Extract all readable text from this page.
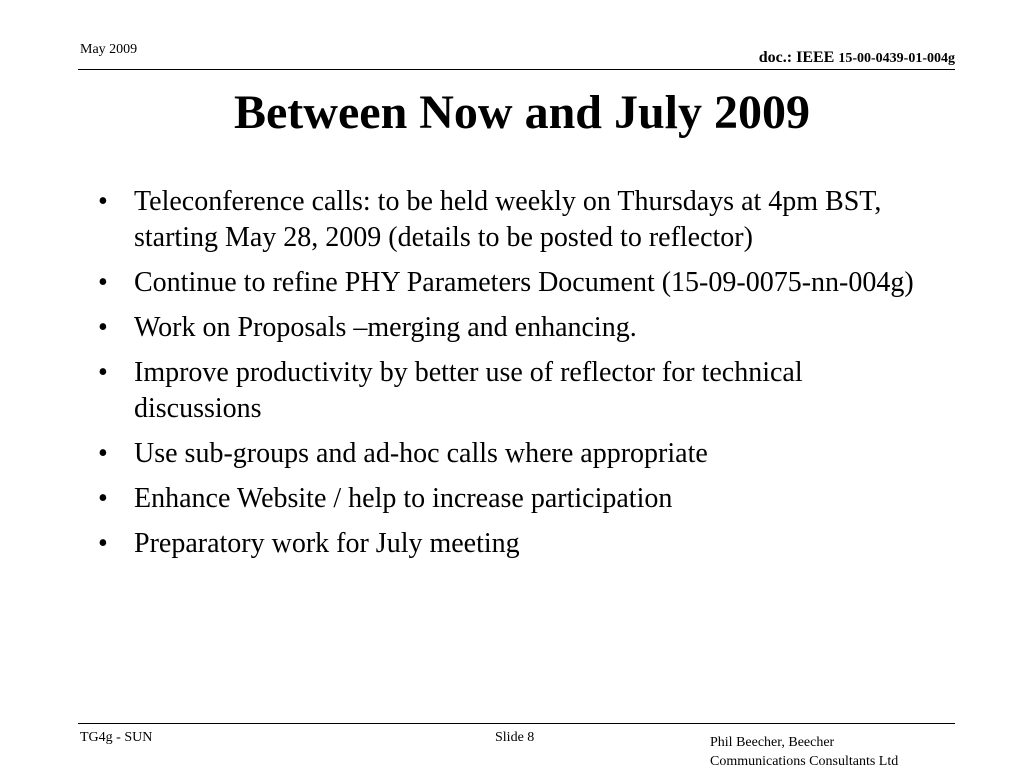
May 2009	doc.: IEEE 15-00-0439-01-004g
Between Now and July 2009
• Teleconference calls: to be held weekly on Thursdays at 4pm BST, starting May 28, 2009 (details to be posted to reflector)
• Continue to refine PHY Parameters Document (15-09-0075-nn-004g)
• Work on Proposals –merging and enhancing.
• Improve productivity by better use of reflector for technical discussions
• Use sub-groups and ad-hoc calls where appropriate
• Enhance Website / help to increase participation
• Preparatory work for July meeting
TG4g - SUN	Slide 8	Phil Beecher, Beecher
Communications Consultants Ltd
